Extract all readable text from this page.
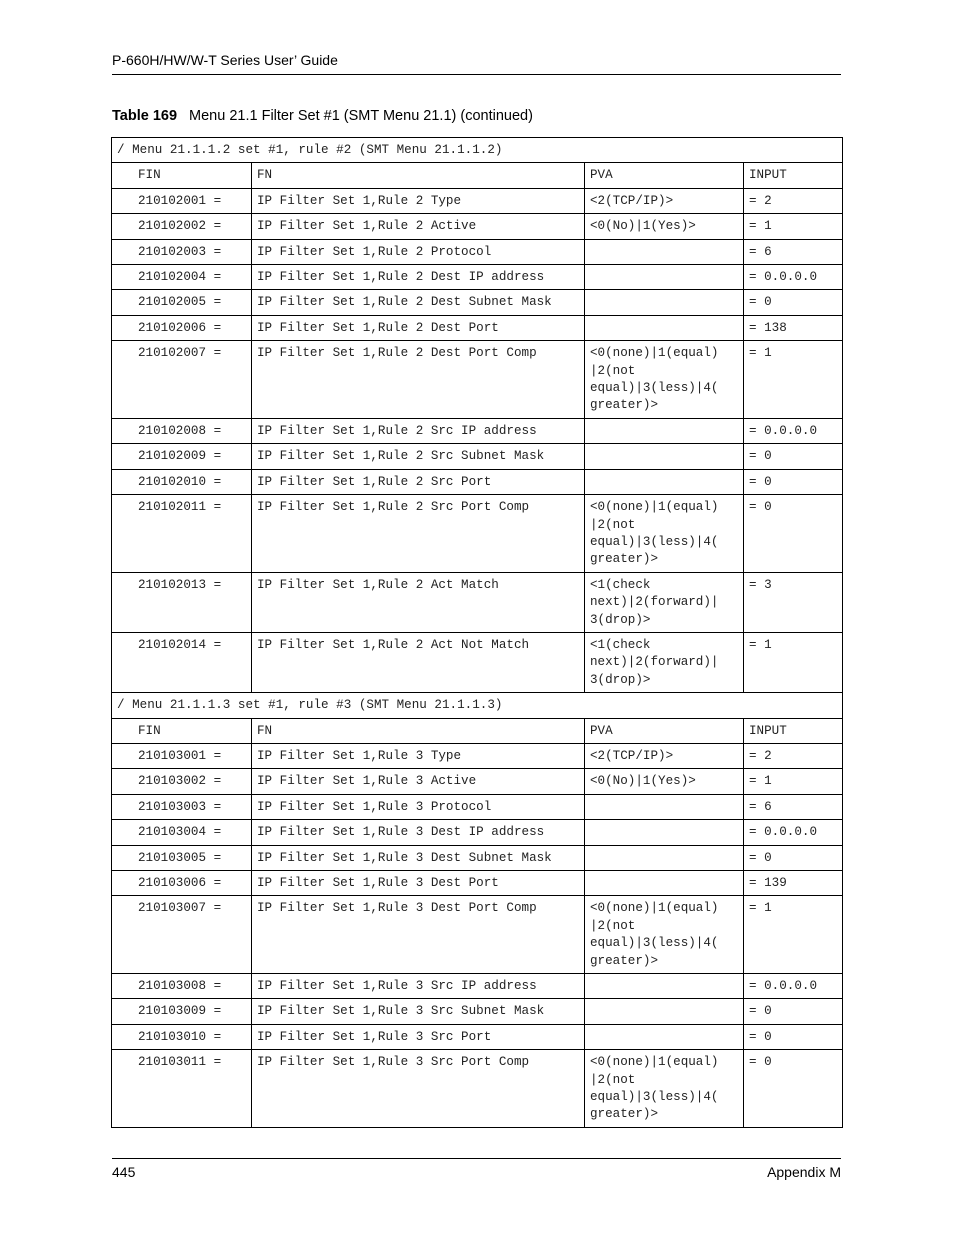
P-660H/HW/W-T Series User’ Guide
Table 169 Menu 21.1 Filter Set #1 (SMT Menu 21.1) (continued)
/ Menu 21.1.1.2 set #1, rule #2 (SMT Menu 21.1.1.2)			
FIN	FN	PVA	INPUT
210102001 =	IP Filter Set 1,Rule 2 Type	<2(TCP/IP)>	= 2
210102002 =	IP Filter Set 1,Rule 2 Active	<0(No)|1(Yes)>	= 1
210102003 =	IP Filter Set 1,Rule 2 Protocol		= 6
210102004 =	IP Filter Set 1,Rule 2 Dest IP address		= 0.0.0.0
210102005 =	IP Filter Set 1,Rule 2 Dest Subnet Mask		= 0
210102006 =	IP Filter Set 1,Rule 2 Dest Port		= 138
210102007 =	IP Filter Set 1,Rule 2 Dest Port Comp	<0(none)|1(equal)
|2(not
equal)|3(less)|4(
greater)>	= 1
210102008 =	IP Filter Set 1,Rule 2 Src IP address		= 0.0.0.0
210102009 =	IP Filter Set 1,Rule 2 Src Subnet Mask		= 0
210102010 =	IP Filter Set 1,Rule 2 Src Port		= 0
210102011 =	IP Filter Set 1,Rule 2 Src Port Comp	<0(none)|1(equal)
|2(not
equal)|3(less)|4(
greater)>	= 0
210102013 =	IP Filter Set 1,Rule 2 Act Match	<1(check
next)|2(forward)|
3(drop)>	= 3
210102014 =	IP Filter Set 1,Rule 2 Act Not Match	<1(check
next)|2(forward)|
3(drop)>	= 1
/ Menu 21.1.1.3 set #1, rule #3 (SMT Menu 21.1.1.3)			
FIN	FN	PVA	INPUT
210103001 =	IP Filter Set 1,Rule 3 Type	<2(TCP/IP)>	= 2
210103002 =	IP Filter Set 1,Rule 3 Active	<0(No)|1(Yes)>	= 1
210103003 =	IP Filter Set 1,Rule 3 Protocol		= 6
210103004 =	IP Filter Set 1,Rule 3 Dest IP address		= 0.0.0.0
210103005 =	IP Filter Set 1,Rule 3 Dest Subnet Mask		= 0
210103006 =	IP Filter Set 1,Rule 3 Dest Port		= 139
210103007 =	IP Filter Set 1,Rule 3 Dest Port Comp	<0(none)|1(equal)
|2(not
equal)|3(less)|4(
greater)>	= 1
210103008 =	IP Filter Set 1,Rule 3 Src IP address		= 0.0.0.0
210103009 =	IP Filter Set 1,Rule 3 Src Subnet Mask		= 0
210103010 =	IP Filter Set 1,Rule 3 Src Port		= 0
210103011 =	IP Filter Set 1,Rule 3 Src Port Comp	<0(none)|1(equal)
|2(not
equal)|3(less)|4(
greater)>	= 0
445	Appendix M
